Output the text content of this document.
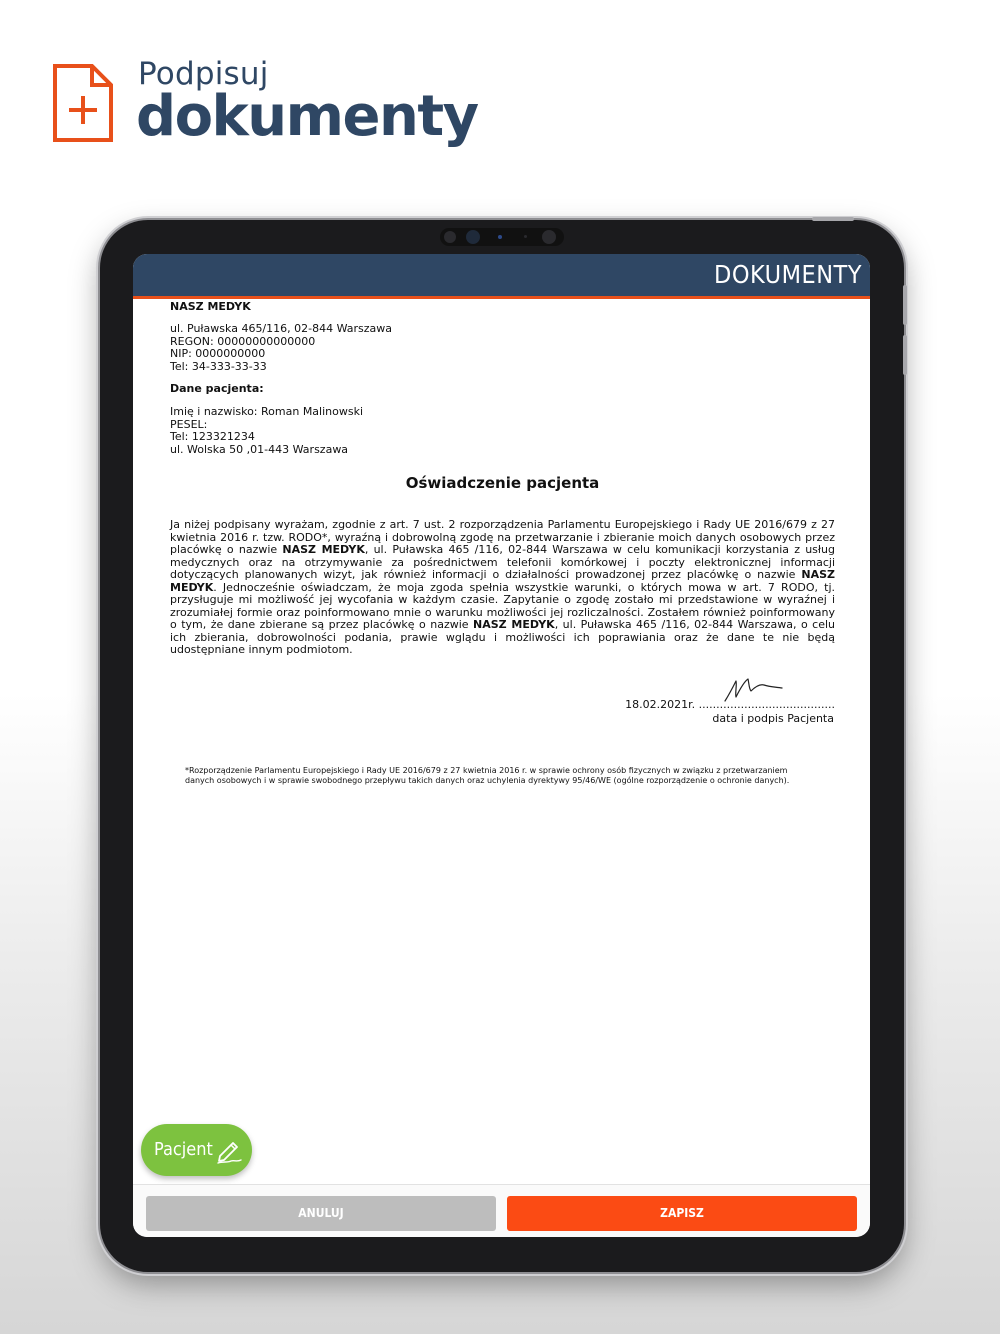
Podpisuj
dokumenty
DOKUMENTY
NASZ MEDYK

ul. Puławska 465/116, 02-844 Warszawa

REGON: 00000000000000

NIP: 0000000000

Tel: 34-333-33-33

Dane pacjenta:

Imię i nazwisko: Roman Malinowski

PESEL:

Tel: 123321234

ul. Wolska 50 ,01-443 Warszawa

Oświadczenie pacjenta

Ja niżej podpisany wyrażam, zgodnie z art. 7 ust. 2 rozporządzenia Parlamentu Europejskiego i Rady UE 2016/679 z 27 kwietnia 2016 r. tzw. RODO*, wyraźną i dobrowolną zgodę na przetwarzanie i zbieranie moich danych osobowych przez placówkę o nazwie NASZ MEDYK, ul. Puławska 465 /116, 02-844 Warszawa w celu komunikacji korzystania z usług medycznych oraz na otrzymywanie za pośrednictwem telefonii komórkowej i poczty elektronicznej informacji dotyczących planowanych wizyt, jak również informacji o działalności prowadzonej przez placówkę o nazwie NASZ MEDYK. Jednocześnie oświadczam, że moja zgoda spełnia wszystkie warunki, o których mowa w art. 7 RODO, tj. przysługuje mi możliwość jej wycofania w każdym czasie. Zapytanie o zgodę zostało mi przedstawione w wyraźnej i zrozumiałej formie oraz poinformowano mnie o warunku możliwości jej rozliczalności. Zostałem również poinformowany o tym, że dane zbierane są przez placówkę o nazwie NASZ MEDYK, ul. Puławska 465 /116, 02-844 Warszawa, o celu ich zbierania, dobrowolności podania, prawie wglądu i możliwości ich poprawiania oraz że dane te nie będą udostępniane innym podmiotom.

18.02.2021r. .......................................
data i podpis Pacjenta
*Rozporządzenie Parlamentu Europejskiego i Rady UE 2016/679 z 27 kwietnia 2016 r. w sprawie ochrony osób fizycznych w związku z przetwarzaniem danych osobowych i w sprawie swobodnego przepływu takich danych oraz uchylenia dyrektywy 95/46/WE (ogólne rozporządzenie o ochronie danych).
Pacjent
ANULUJ	ZAPISZ
